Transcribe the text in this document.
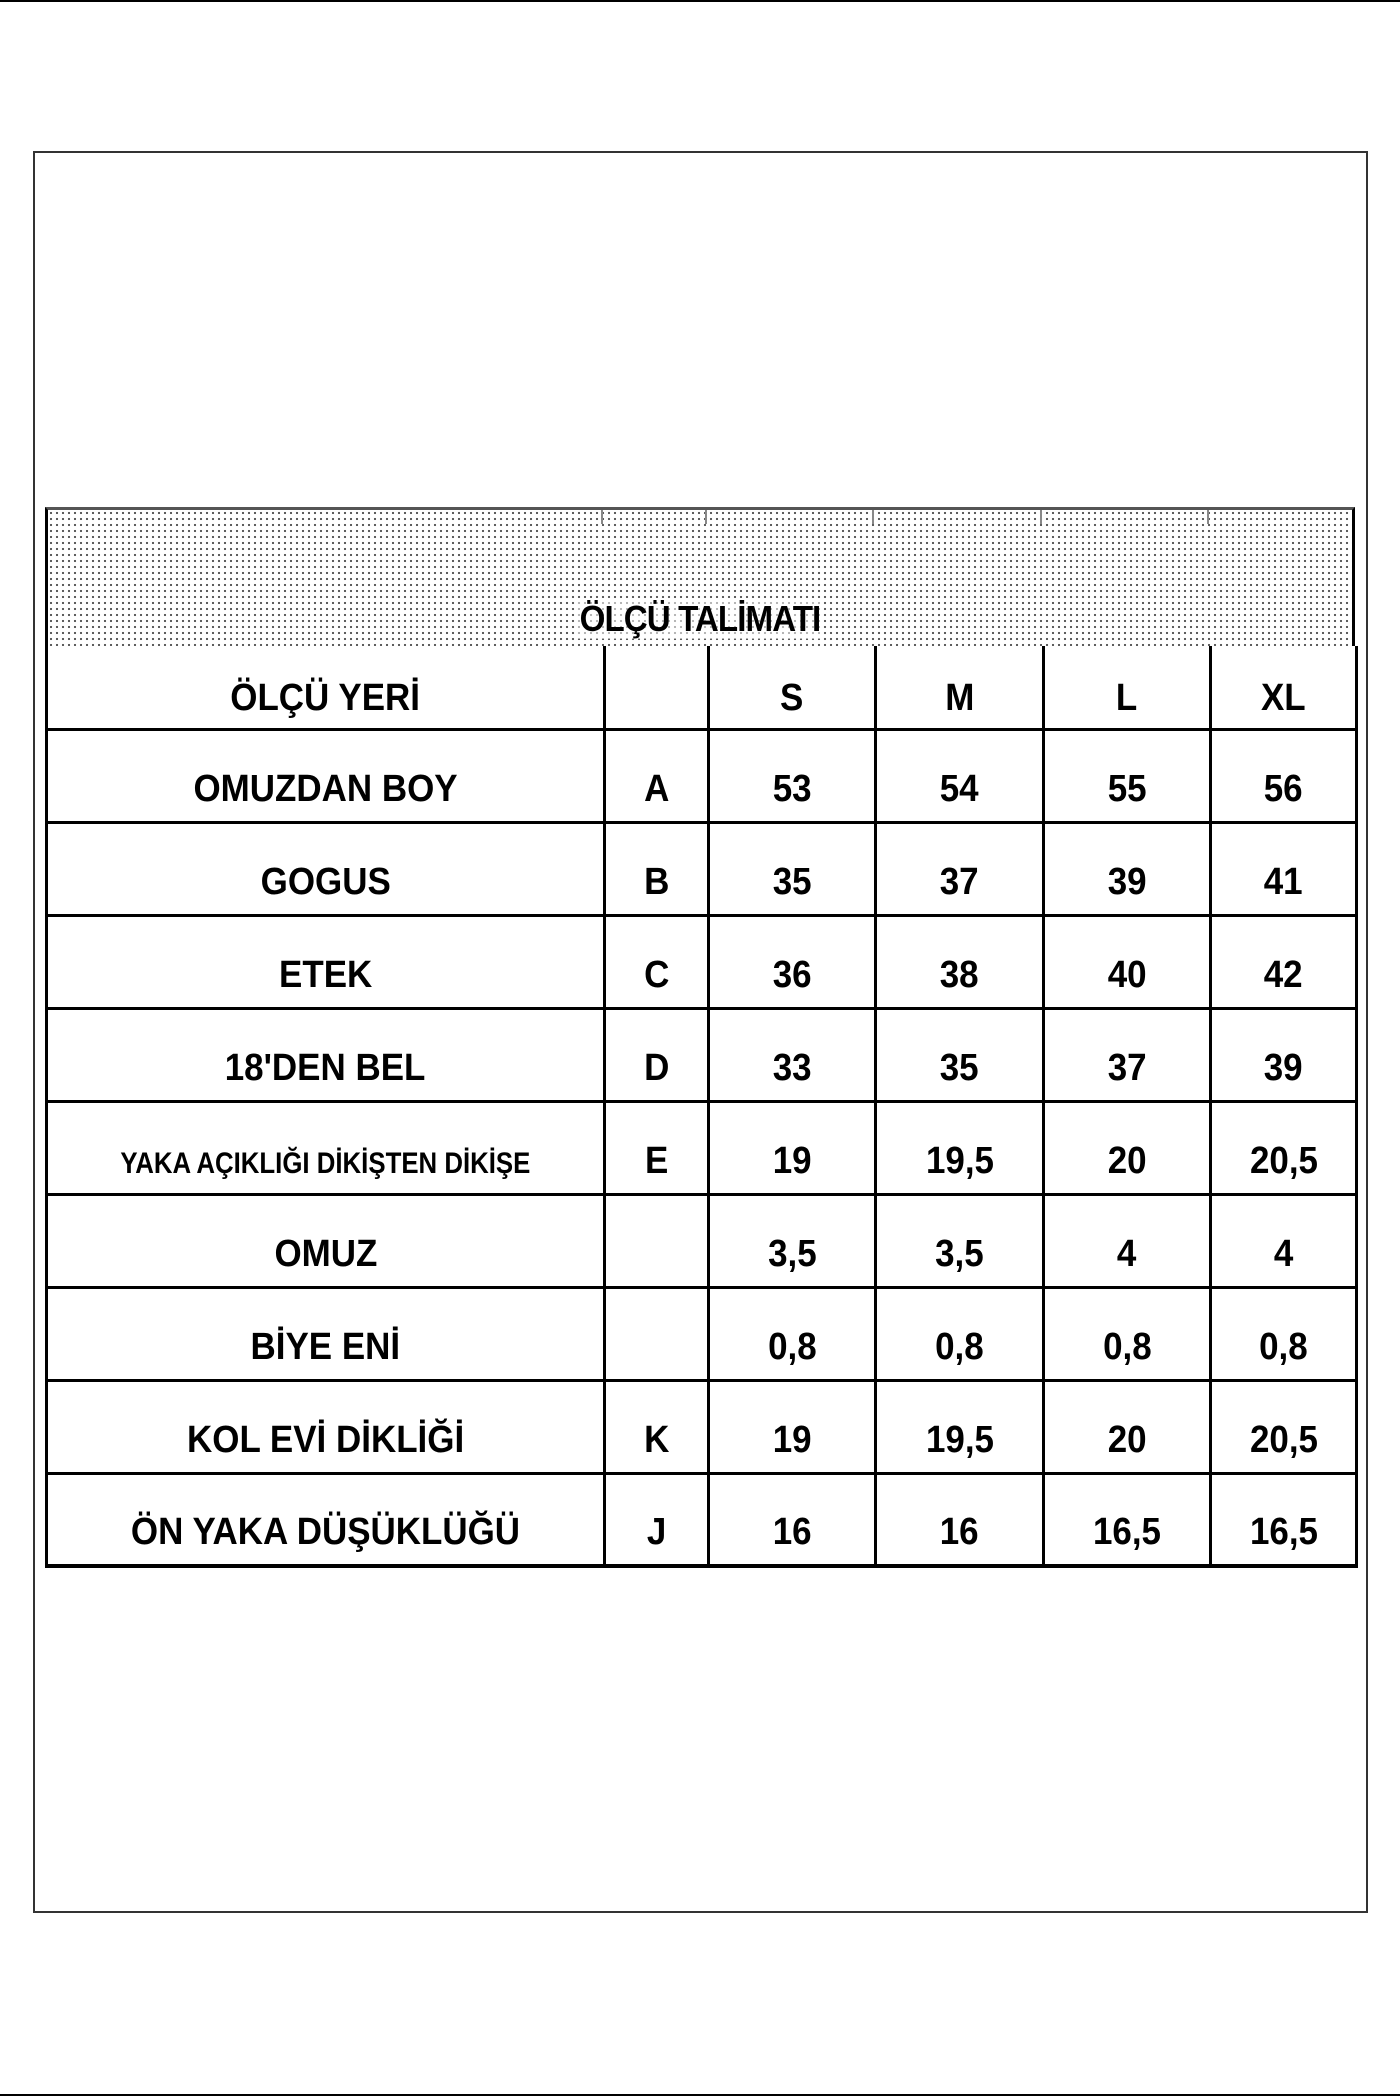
ÖLÇÜ TALİMATI
ÖLÇÜ YERİ		S	M	L	XL
OMUZDAN BOY	A	53	54	55	56
GOGUS	B	35	37	39	41
ETEK	C	36	38	40	42
18'DEN BEL	D	33	35	37	39
YAKA AÇIKLIĞI DİKİŞTEN DİKİŞE	E	19	19,5	20	20,5
OMUZ		3,5	3,5	4	4
BİYE ENİ		0,8	0,8	0,8	0,8
KOL EVİ DİKLİĞİ	K	19	19,5	20	20,5
ÖN YAKA DÜŞÜKLÜĞÜ	J	16	16	16,5	16,5
